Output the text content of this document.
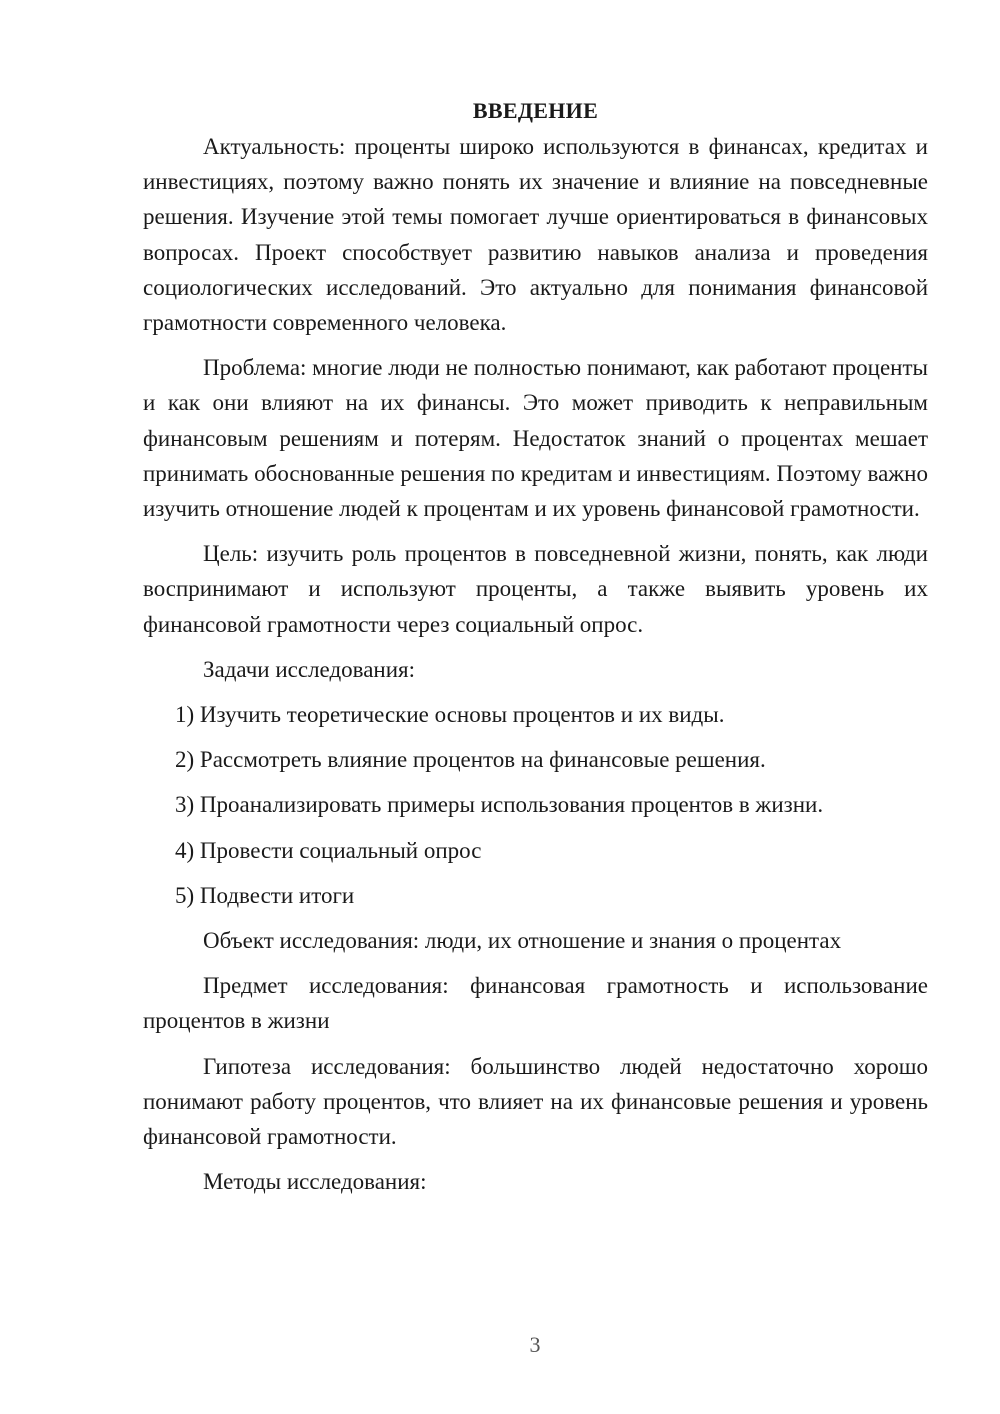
ВВЕДЕНИЕ

Актуальность: проценты широко используются в финансах, кредитах и инвестициях, поэтому важно понять их значение и влияние на повседневные решения. Изучение этой темы помогает лучше ориентироваться в финансовых вопросах. Проект способствует развитию навыков анализа и проведения социологических исследований. Это актуально для понимания финансовой грамотности современного человека.

Проблема: многие люди не полностью понимают, как работают проценты и как они влияют на их финансы. Это может приводить к неправильным финансовым решениям и потерям. Недостаток знаний о процентах мешает принимать обоснованные решения по кредитам и инвестициям. Поэтому важно изучить отношение людей к процентам и их уровень финансовой грамотности.

Цель: изучить роль процентов в повседневной жизни, понять, как люди воспринимают и используют проценты, а также выявить уровень их финансовой грамотности через социальный опрос.

Задачи исследования:

1) Изучить теоретические основы процентов и их виды.

2) Рассмотреть влияние процентов на финансовые решения.

3) Проанализировать примеры использования процентов в жизни.

4) Провести социальный опрос

5) Подвести итоги

Объект исследования: люди, их отношение и знания о процентах

Предмет исследования: финансовая грамотность и использование процентов в жизни

Гипотеза исследования: большинство людей недостаточно хорошо понимают работу процентов, что влияет на их финансовые решения и уровень финансовой грамотности.

Методы исследования:

3
